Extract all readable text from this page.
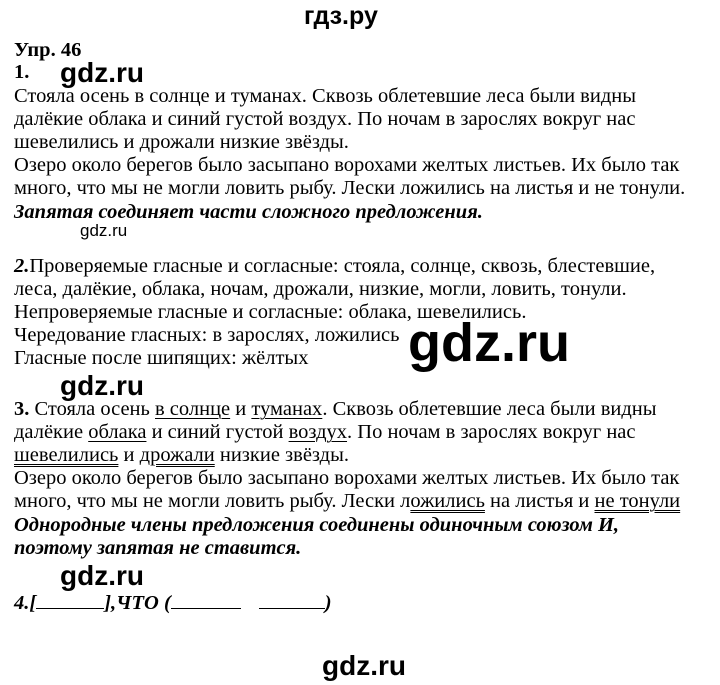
гдз.ру
Упр. 46
1. gdz.ru
Стояла осень в солнце и туманах. Сквозь облетевшие леса были видны
далёкие облака и синий густой воздух. По ночам в зарослях вокруг нас
шевелились и дрожали низкие звёзды.
Озеро около берегов было засыпано ворохами желтых листьев. Их было так
много, что мы не могли ловить рыбу. Лески ложились на листья и не тонули.
Запятая соединяет части сложного предложения.
gdz.ru
2.Проверяемые гласные и согласные: стояла, солнце, сквозь, блестевшие,
леса, далёкие, облака, ночам, дрожали, низкие, могли, ловить, тонули.
Непроверяемые гласные и согласные: облака, шевелились.
Чередование гласных: в зарослях, ложились
Гласные после шипящих: жёлтых gdz.ru
gdz.ru
3. Стояла осень в солнце и туманах. Сквозь облетевшие леса были видны
далёкие облака и синий густой воздух. По ночам в зарослях вокруг нас
шевелились и дрожали низкие звёзды.
Озеро около берегов было засыпано ворохами желтых листьев. Их было так
много, что мы не могли ловить рыбу. Лески ложились на листья и не тонули
Однородные члены предложения соединены одиночным союзом И,
поэтому запятая не ставится.
gdz.ru
4.[	],ЧТО (	)
gdz.ru
